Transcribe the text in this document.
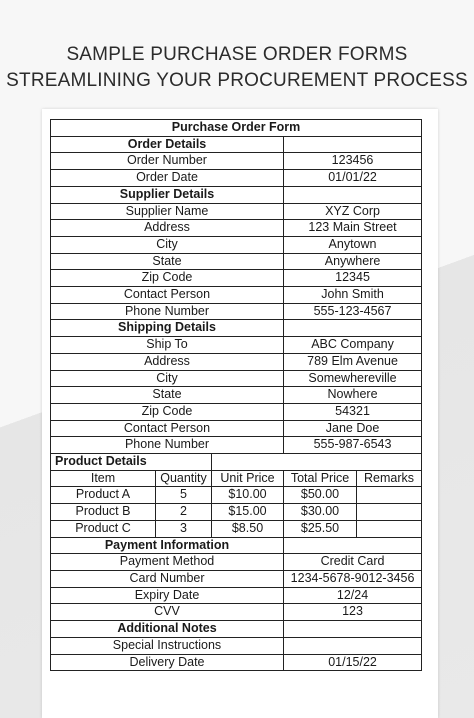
SAMPLE PURCHASE ORDER FORMS
STREAMLINING YOUR PROCUREMENT PROCESS
Purchase Order Form				
Order Details				
Order Number			123456	
Order Date			01/01/22	
Supplier Details				
Supplier Name			XYZ Corp	
Address			123 Main Street	
City			Anytown	
State			Anywhere	
Zip Code			12345	
Contact Person			John Smith	
Phone Number			555-123-4567	
Shipping Details				
Ship To			ABC Company	
Address			789 Elm Avenue	
City			Somewhereville	
State			Nowhere	
Zip Code			54321	
Contact Person			Jane Doe	
Phone Number			555-987-6543	
Product Details				
Item	Quantity	Unit Price	Total Price	Remarks
Product A	5	$10.00	$50.00	
Product B	2	$15.00	$30.00	
Product C	3	$8.50	$25.50	
Payment Information				
Payment Method			Credit Card	
Card Number			1234-5678-9012-3456	
Expiry Date			12/24	
CVV			123	
Additional Notes				
Special Instructions				
Delivery Date			01/15/22	
